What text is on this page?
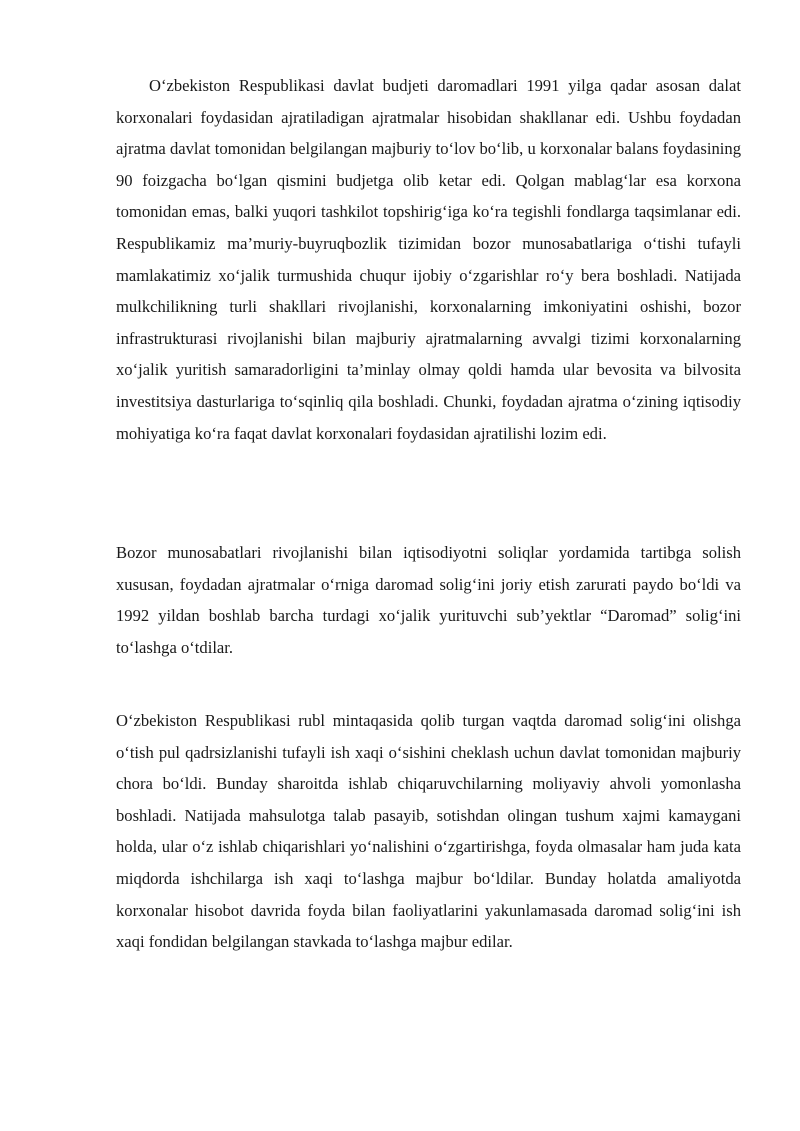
O‘zbekiston Respublikasi davlat budjeti daromadlari 1991 yilga qadar asosan dalat korxonalari foydasidan ajratiladigan ajratmalar hisobidan shakllanar edi. Ushbu foydadan ajratma davlat tomonidan belgilangan majburiy to‘lov bo‘lib, u korxonalar balans foydasining 90 foizgacha bo‘lgan qismini budjetga olib ketar edi. Qolgan mablag‘lar esa korxona tomonidan emas, balki yuqori tashkilot topshirig‘iga ko‘ra tegishli fondlarga taqsimlanar edi. Respublikamiz ma’muriy-buyruqbozlik tizimidan bozor munosabatlariga o‘tishi tufayli mamlakatimiz xo‘jalik turmushida chuqur ijobiy o‘zgarishlar ro‘y bera boshladi. Natijada mulkchilikning turli shakllari rivojlanishi, korxonalarning imkoniyatini oshishi, bozor infrastrukturasi rivojlanishi bilan majburiy ajratmalarning avvalgi tizimi korxonalarning xo‘jalik yuritish samaradorligini ta’minlay olmay qoldi hamda ular bevosita va bilvosita investitsiya dasturlariga to‘sqinliq qila boshladi. Chunki, foydadan ajratma o‘zining iqtisodiy mohiyatiga ko‘ra faqat davlat korxonalari foydasidan ajratilishi lozim edi.

Bozor munosabatlari rivojlanishi bilan iqtisodiyotni soliqlar yordamida tartibga solish xususan, foydadan ajratmalar o‘rniga daromad solig‘ini joriy etish zarurati paydo bo‘ldi va 1992 yildan boshlab barcha turdagi xo‘jalik yurituvchi sub’yektlar “Daromad” solig‘ini to‘lashga o‘tdilar.

O‘zbekiston Respublikasi rubl mintaqasida qolib turgan vaqtda daromad solig‘ini olishga o‘tish pul qadrsizlanishi tufayli ish xaqi o‘sishini cheklash uchun davlat tomonidan majburiy chora bo‘ldi. Bunday sharoitda ishlab chiqaruvchilarning moliyaviy ahvoli yomonlasha boshladi. Natijada mahsulotga talab pasayib, sotishdan olingan tushum xajmi kamaygani holda, ular o‘z ishlab chiqarishlari yo‘nalishini o‘zgartirishga, foyda olmasalar ham juda kata miqdorda ishchilarga ish xaqi to‘lashga majbur bo‘ldilar. Bunday holatda amaliyotda korxonalar hisobot davrida foyda bilan faoliyatlarini yakunlamasada daromad solig‘ini ish xaqi fondidan belgilangan stavkada to‘lashga majbur edilar.
